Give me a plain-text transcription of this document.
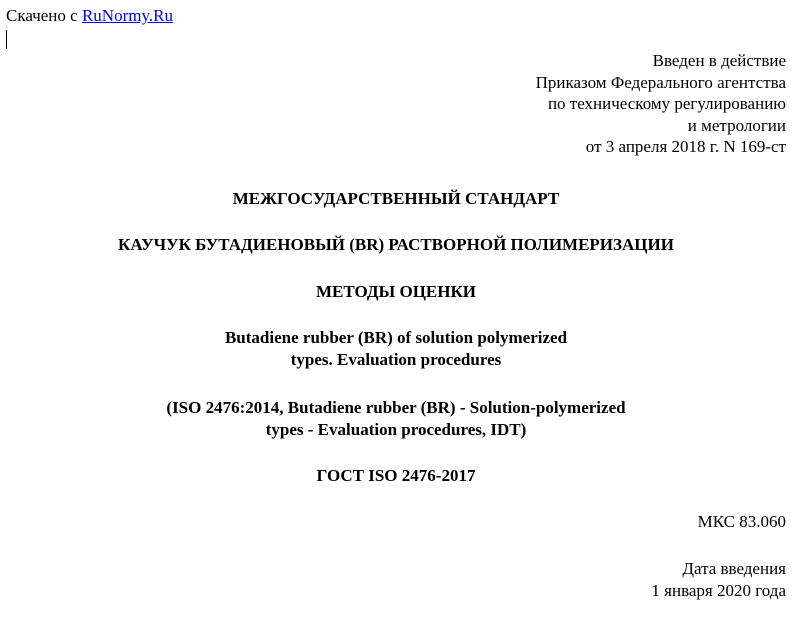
Скачено с RuNormy.Ru
Введен в действие
Приказом Федерального агентства
по техническому регулированию
и метрологии
от 3 апреля 2018 г. N 169-ст
МЕЖГОСУДАРСТВЕННЫЙ СТАНДАРТ
КАУЧУК БУТАДИЕНОВЫЙ (BR) РАСТВОРНОЙ ПОЛИМЕРИЗАЦИИ
МЕТОДЫ ОЦЕНКИ
Butadiene rubber (BR) of solution polymerized
types. Evaluation procedures
(ISO 2476:2014, Butadiene rubber (BR) - Solution-polymerized
types - Evaluation procedures, IDT)
ГОСТ ISO 2476-2017
МКС 83.060
Дата введения
1 января 2020 года
